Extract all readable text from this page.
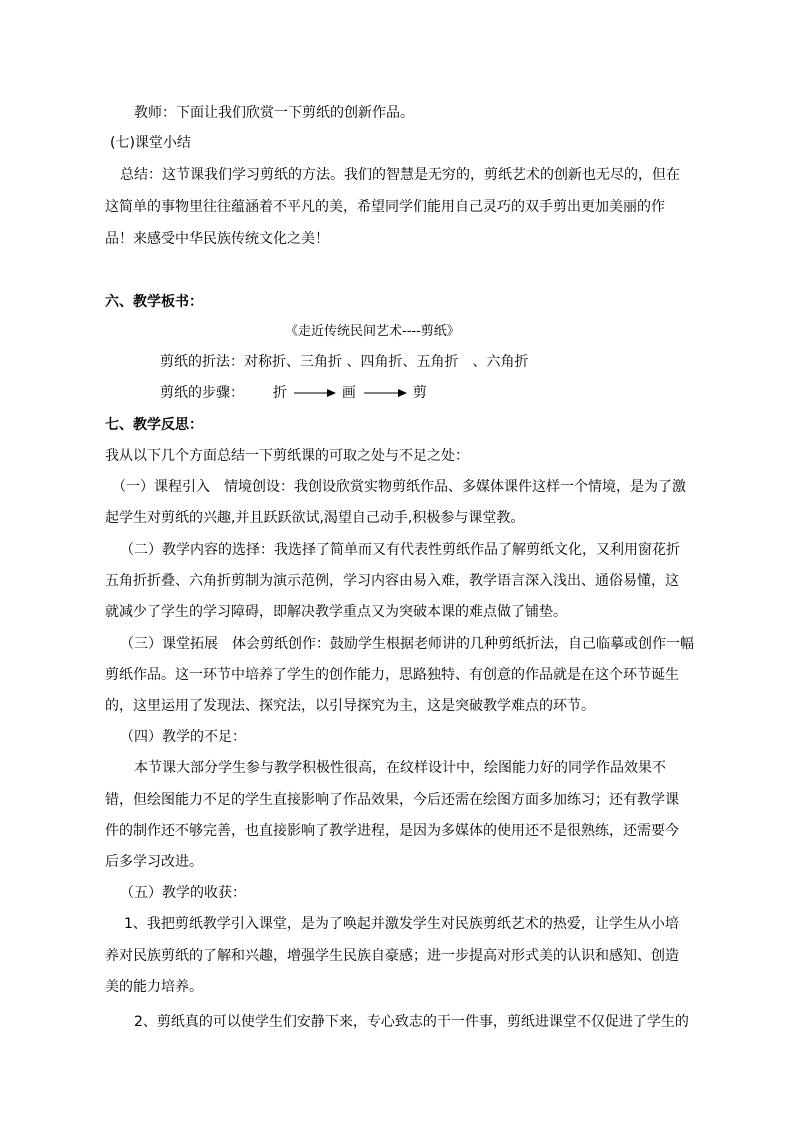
教师：下面让我们欣赏一下剪纸的创新作品。
(七)课堂小结
总结：这节课我们学习剪纸的方法。我们的智慧是无穷的，剪纸艺术的创新也无尽的，但在
这简单的事物里往往蕴涵着不平凡的美，希望同学们能用自己灵巧的双手剪出更加美丽的作
品！来感受中华民族传统文化之美！
六、教学板书：
《走近传统民间艺术----剪纸》
剪纸的折法：对称折、三角折 、四角折、五角折　、六角折
剪纸的步骤： 折	画	剪
七、教学反思：
我从以下几个方面总结一下剪纸课的可取之处与不足之处：
（一）课程引入　情境创设：我创设欣赏实物剪纸作品、多媒体课件这样一个情境，是为了激
起学生对剪纸的兴趣,并且跃跃欲试,渴望自己动手,积极参与课堂教。
（二）教学内容的选择：我选择了简单而又有代表性剪纸作品了解剪纸文化，又利用窗花折
五角折折叠、六角折剪制为演示范例，学习内容由易入难，教学语言深入浅出、通俗易懂，这
就减少了学生的学习障碍，即解决教学重点又为突破本课的难点做了铺垫。
（三）课堂拓展　体会剪纸创作：鼓励学生根据老师讲的几种剪纸折法，自己临摹或创作一幅
剪纸作品。这一环节中培养了学生的创作能力，思路独特、有创意的作品就是在这个环节诞生
的，这里运用了发现法、探究法，以引导探究为主，这是突破教学难点的环节。
（四）教学的不足：
本节课大部分学生参与教学积极性很高，在纹样设计中，绘图能力好的同学作品效果不
错，但绘图能力不足的学生直接影响了作品效果，今后还需在绘图方面多加练习；还有教学课
件的制作还不够完善，也直接影响了教学进程，是因为多媒体的使用还不是很熟练，还需要今
后多学习改进。
（五）教学的收获：
1、我把剪纸教学引入课堂，是为了唤起并激发学生对民族剪纸艺术的热爱，让学生从小培
养对民族剪纸的了解和兴趣，增强学生民族自豪感；进一步提高对形式美的认识和感知、创造
美的能力培养。
2、剪纸真的可以使学生们安静下来，专心致志的干一件事，剪纸进课堂不仅促进了学生的
